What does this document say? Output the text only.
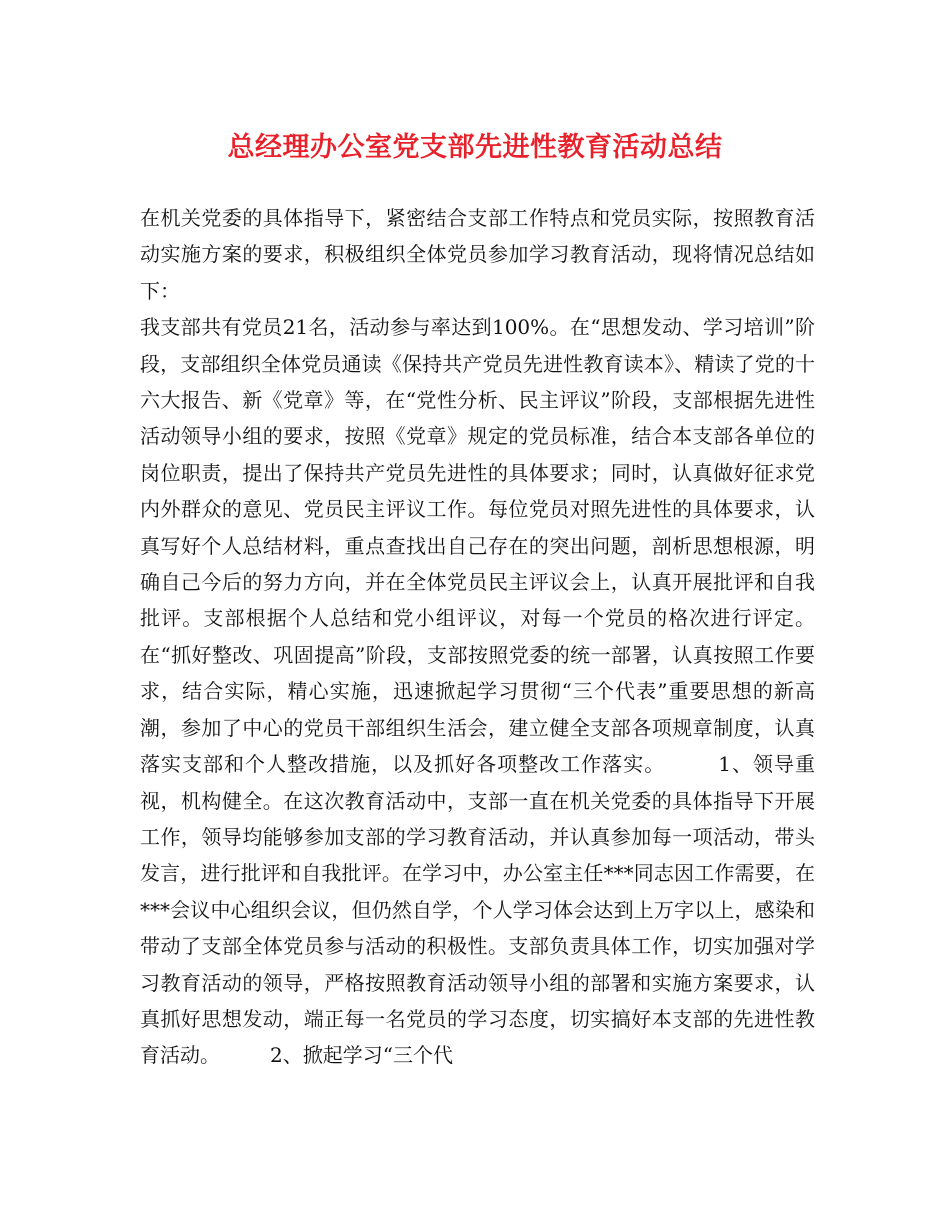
总经理办公室党支部先进性教育活动总结

在机关党委的具体指导下，紧密结合支部工作特点和党员实际，按照教育活动实施方案的要求，积极组织全体党员参加学习教育活动，现将情况总结如下：

我支部共有党员21名，活动参与率达到100%。在“思想发动、学习培训”阶段，支部组织全体党员通读《保持共产党员先进性教育读本》、精读了党的十六大报告、新《党章》等，在“党性分析、民主评议”阶段，支部根据先进性活动领导小组的要求，按照《党章》规定的党员标准，结合本支部各单位的岗位职责，提出了保持共产党员先进性的具体要求；同时，认真做好征求党内外群众的意见、党员民主评议工作。每位党员对照先进性的具体要求，认真写好个人总结材料，重点查找出自己存在的突出问题，剖析思想根源，明确自己今后的努力方向，并在全体党员民主评议会上，认真开展批评和自我批评。支部根据个人总结和党小组评议，对每一个党员的格次进行评定。在“抓好整改、巩固提高”阶段，支部按照党委的统一部署，认真按照工作要求，结合实际，精心实施，迅速掀起学习贯彻“三个代表”重要思想的新高潮，参加了中心的党员干部组织生活会，建立健全支部各项规章制度，认真落实支部和个人整改措施，以及抓好各项整改工作落实。　　　1、领导重视，机构健全。在这次教育活动中，支部一直在机关党委的具体指导下开展工作，领导均能够参加支部的学习教育活动，并认真参加每一项活动，带头发言，进行批评和自我批评。在学习中，办公室主任***同志因工作需要，在***会议中心组织会议，但仍然自学，个人学习体会达到上万字以上，感染和带动了支部全体党员参与活动的积极性。支部负责具体工作，切实加强对学习教育活动的领导，严格按照教育活动领导小组的部署和实施方案要求，认真抓好思想发动，端正每一名党员的学习态度，切实搞好本支部的先进性教育活动。　　　2、掀起学习“三个代
